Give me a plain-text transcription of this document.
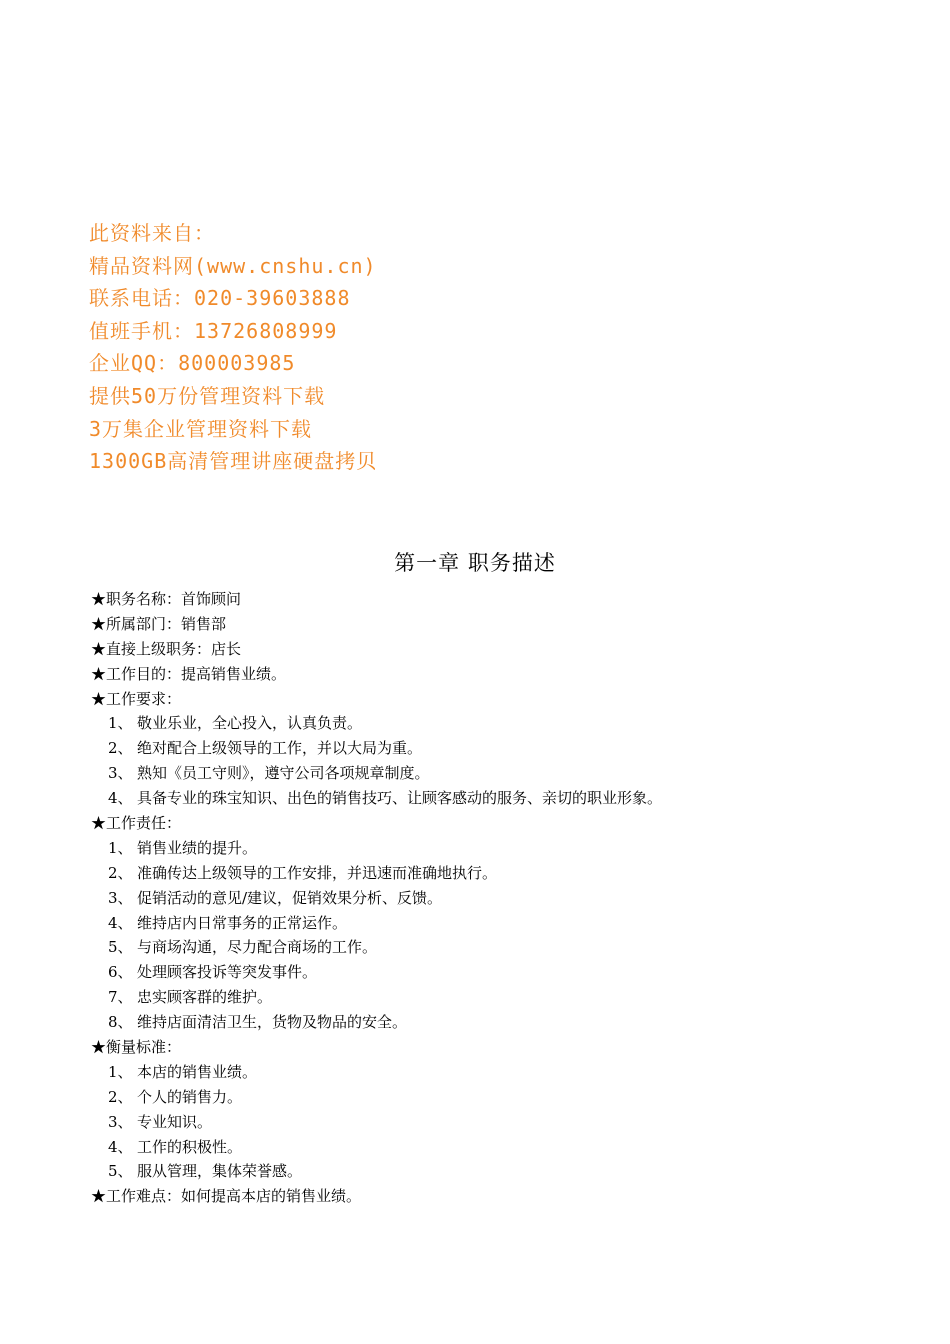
此资料来自：
精品资料网(www.cnshu.cn)
联系电话：020-39603888
值班手机：13726808999
企业QQ：800003985
提供50万份管理资料下载
3万集企业管理资料下载
1300GB高清管理讲座硬盘拷贝
第一章 职务描述
★职务名称：首饰顾问
★所属部门：销售部
★直接上级职务：店长
★工作目的：提高销售业绩。
★工作要求：
1、 敬业乐业，全心投入，认真负责。
2、 绝对配合上级领导的工作，并以大局为重。
3、 熟知《员工守则》，遵守公司各项规章制度。
4、 具备专业的珠宝知识、出色的销售技巧、让顾客感动的服务、亲切的职业形象。
★工作责任：
1、 销售业绩的提升。
2、 准确传达上级领导的工作安排，并迅速而准确地执行。
3、 促销活动的意见/建议，促销效果分析、反馈。
4、 维持店内日常事务的正常运作。
5、 与商场沟通，尽力配合商场的工作。
6、 处理顾客投诉等突发事件。
7、 忠实顾客群的维护。
8、 维持店面清洁卫生，货物及物品的安全。
★衡量标准：
1、 本店的销售业绩。
2、 个人的销售力。
3、 专业知识。
4、 工作的积极性。
5、 服从管理，集体荣誉感。
★工作难点：如何提高本店的销售业绩。
